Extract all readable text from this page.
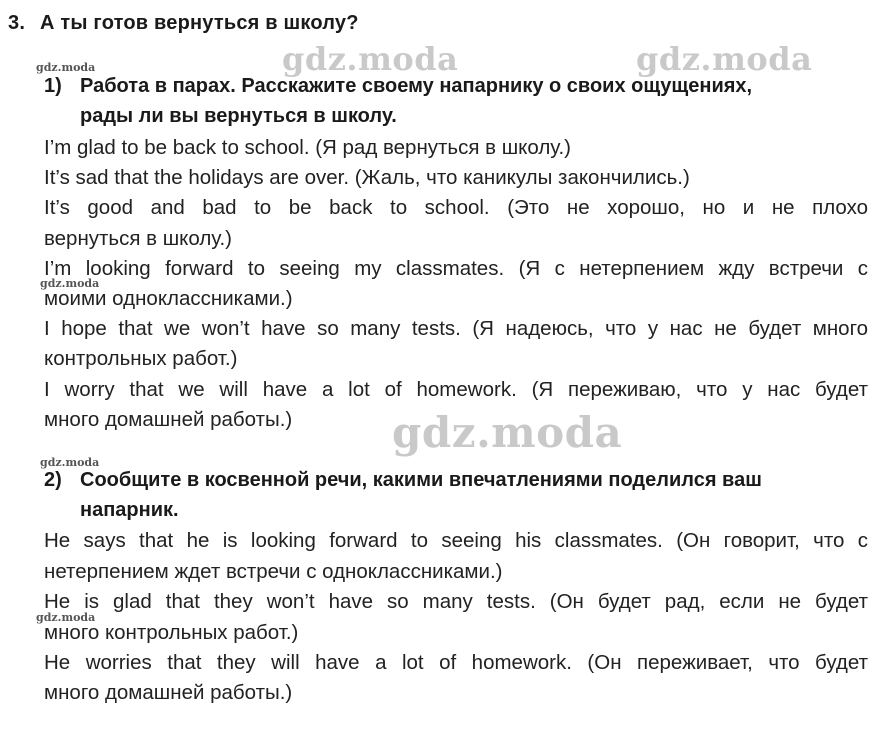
3. А ты готов вернуться в школу?
gdz.moda	gdz.moda
gdz.moda
gdz.moda
gdz.moda
gdz.moda
gdz.moda
1) Работа в парах. Расскажите своему напарнику о своих ощущениях,
рады ли вы вернуться в школу.
I’m glad to be back to school. (Я рад вернуться в школу.)
It’s sad that the holidays are over. (Жаль, что каникулы закончились.)
It’s good and bad to be back to school. (Это не хорошо, но и не плохо
вернуться в школу.)
I’m looking forward to seeing my classmates. (Я с нетерпением жду встречи с
моими одноклассниками.)
I hope that we won’t have so many tests. (Я надеюсь, что у нас не будет много
контрольных работ.)
I worry that we will have a lot of homework. (Я переживаю, что у нас будет
много домашней работы.)
2) Сообщите в косвенной речи, какими впечатлениями поделился ваш
напарник.
He says that he is looking forward to seeing his classmates. (Он говорит, что с
нетерпением ждет встречи с одноклассниками.)
He is glad that they won’t have so many tests. (Он будет рад, если не будет
много контрольных работ.)
He worries that they will have a lot of homework. (Он переживает, что будет
много домашней работы.)
